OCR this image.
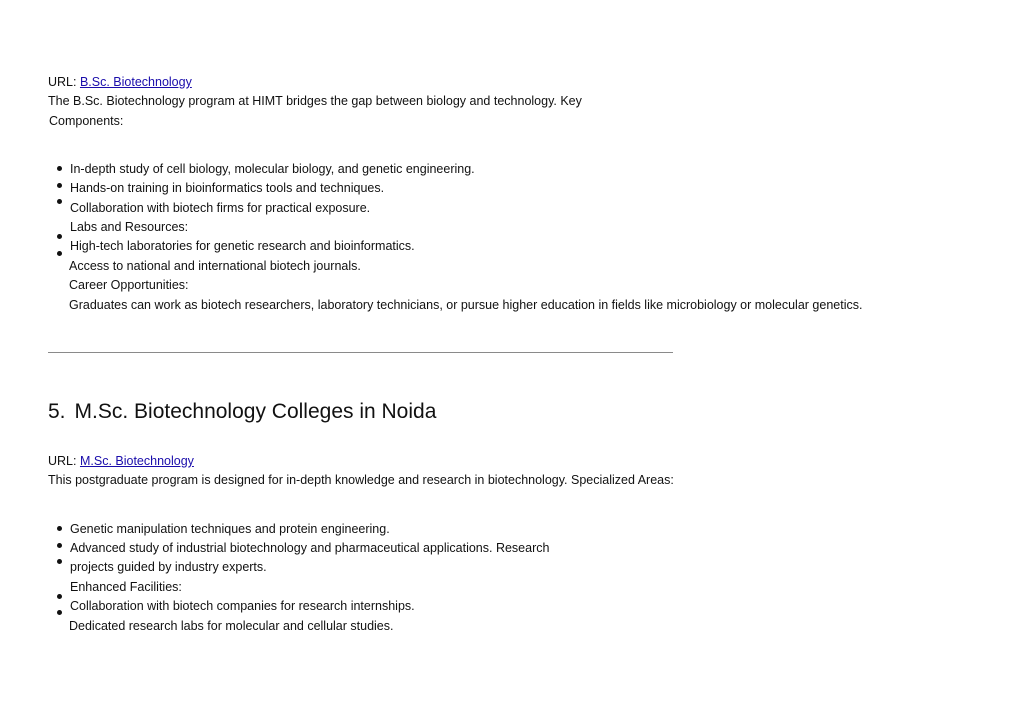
URL: B.Sc. Biotechnology
The B.Sc. Biotechnology program at HIMT bridges the gap between biology and technology. Key
Components:
In-depth study of cell biology, molecular biology, and genetic engineering.
Hands-on training in bioinformatics tools and techniques.
Collaboration with biotech firms for practical exposure.
Labs and Resources:
High-tech laboratories for genetic research and bioinformatics.
Access to national and international biotech journals.
Career Opportunities:
Graduates can work as biotech researchers, laboratory technicians, or pursue higher education in fields like microbiology or molecular genetics.
5. M.Sc. Biotechnology Colleges in Noida
URL: M.Sc. Biotechnology
This postgraduate program is designed for in-depth knowledge and research in biotechnology. Specialized Areas:
Genetic manipulation techniques and protein engineering.
Advanced study of industrial biotechnology and pharmaceutical applications. Research
projects guided by industry experts.
Enhanced Facilities:
Collaboration with biotech companies for research internships.
Dedicated research labs for molecular and cellular studies.
